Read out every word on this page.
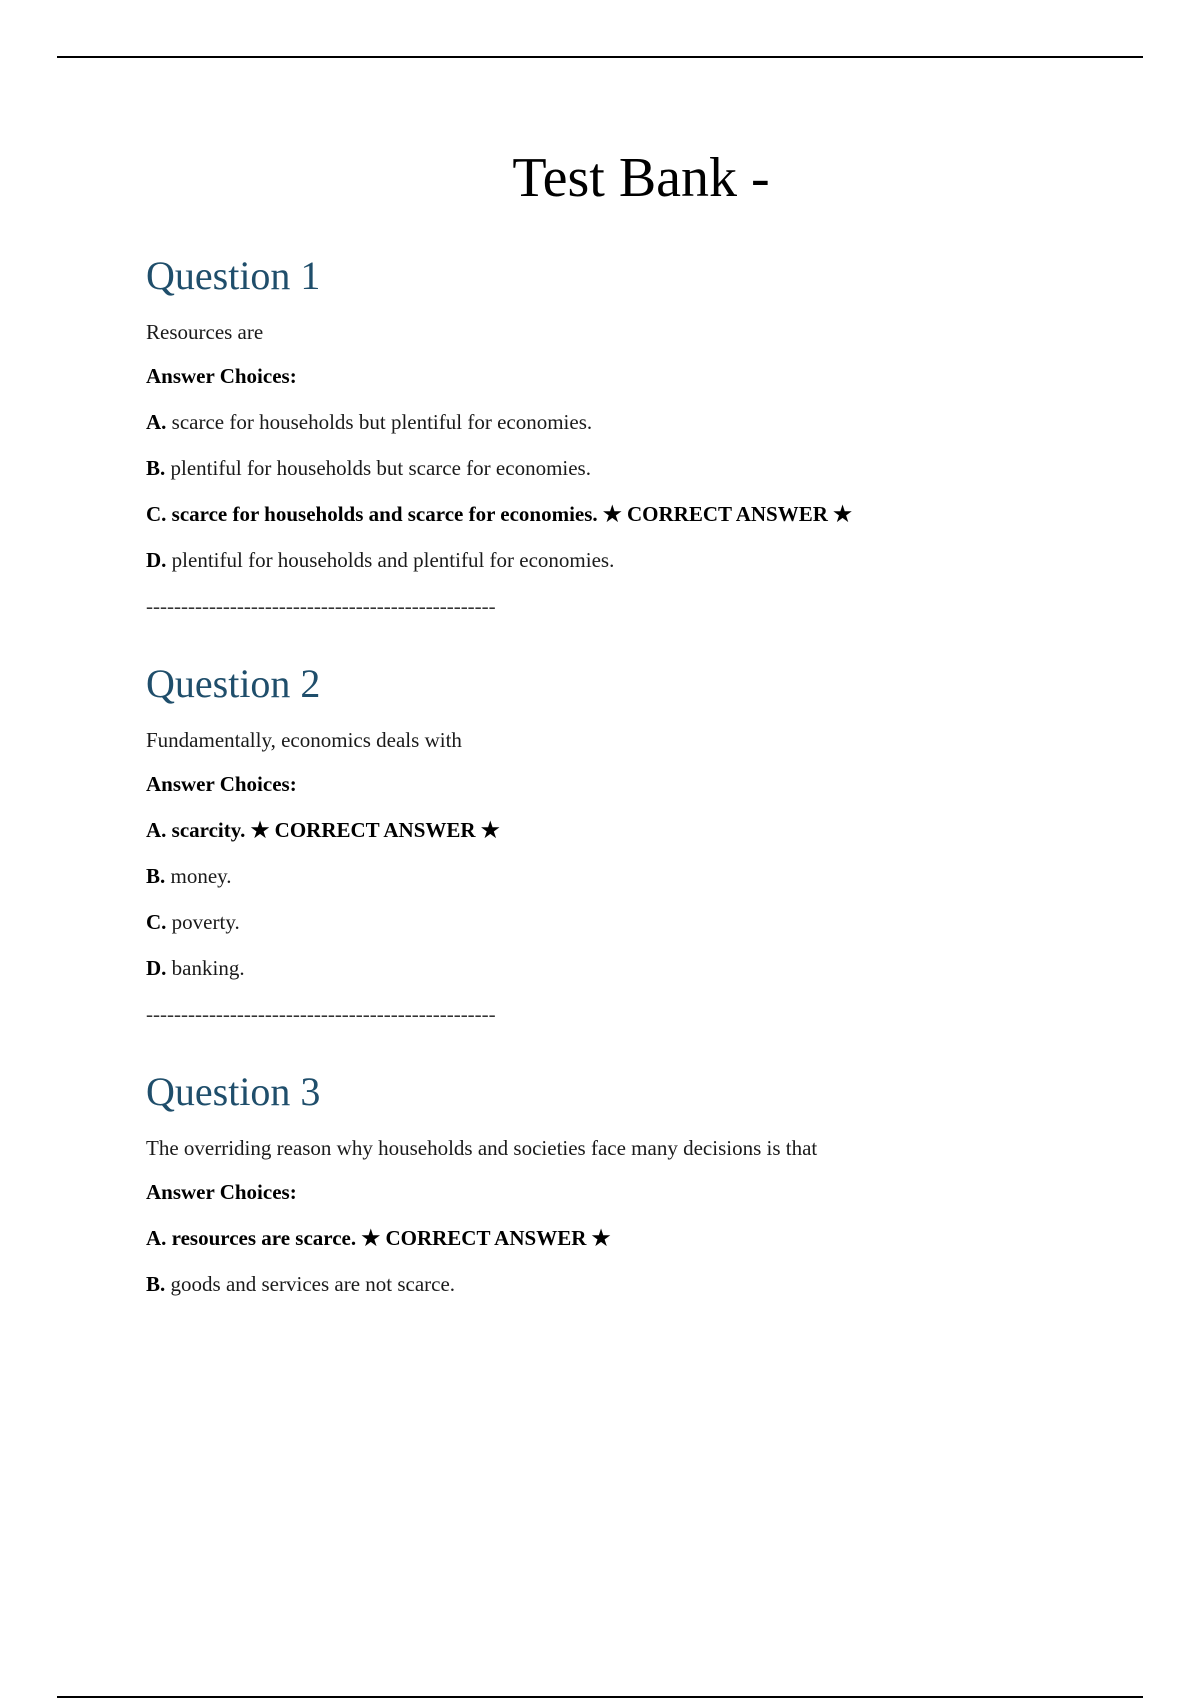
Test Bank -
Question 1

Resources are

Answer Choices:

A. scarce for households but plentiful for economies.

B. plentiful for households but scarce for economies.

C. scarce for households and scarce for economies. ★ CORRECT ANSWER ★

D. plentiful for households and plentiful for economies.

--------------------------------------------------
Question 2

Fundamentally, economics deals with

Answer Choices:

A. scarcity. ★ CORRECT ANSWER ★

B. money.

C. poverty.

D. banking.

--------------------------------------------------
Question 3

The overriding reason why households and societies face many decisions is that

Answer Choices:

A. resources are scarce. ★ CORRECT ANSWER ★

B. goods and services are not scarce.
